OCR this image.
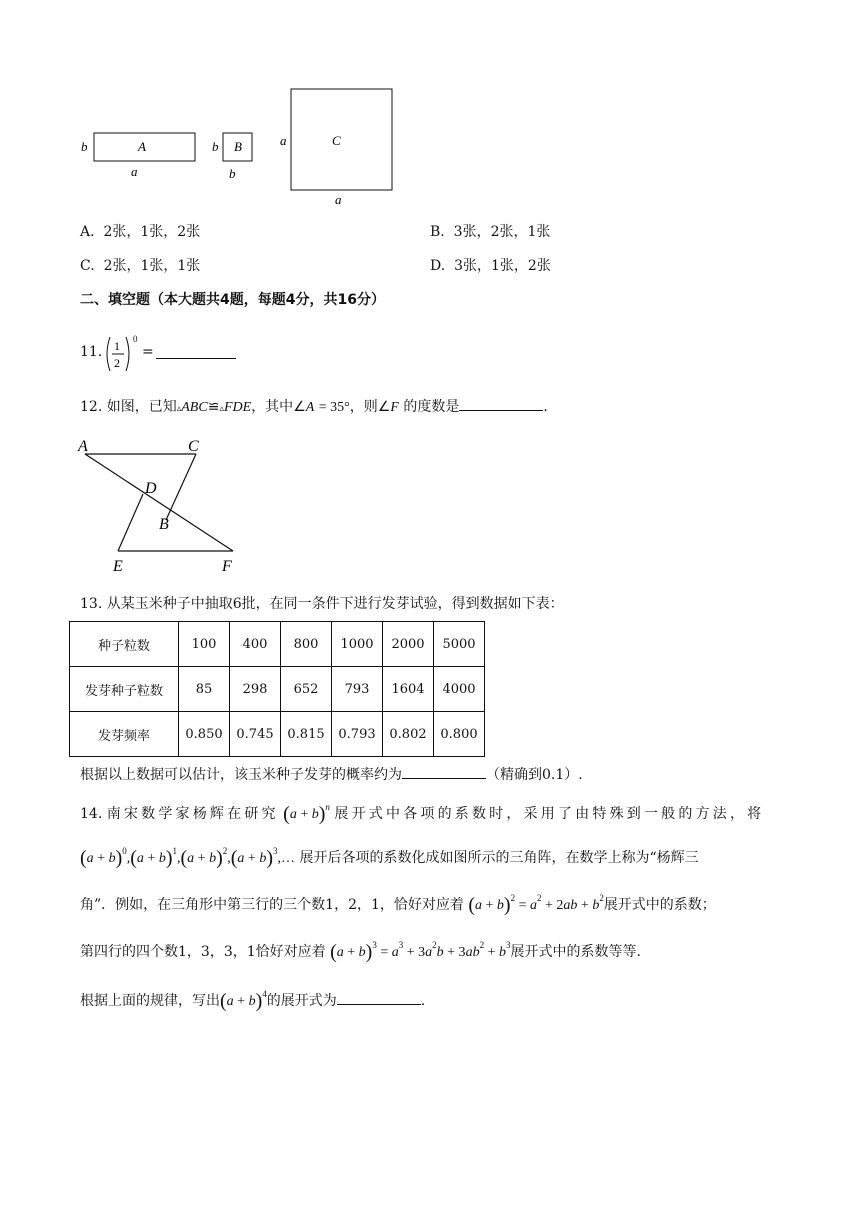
A
b
a
B
b
b
C
a
a
A. 2张，1张，2张	B. 3张，2张，1张
C. 2张，1张，1张	D. 3张，1张，2张
二、填空题（本大题共4题，每题4分，共16分）
11. 1
2
0
=
12. 如图，已知▵ABC≌▵FDE，其中∠A = 35°，则∠F 的度数是	.
A	C
D
B
E	F
13. 从某玉米种子中抽取6批，在同一条件下进行发芽试验，得到数据如下表：
种子粒数	100	400	800	1000	2000	5000
发芽种子粒数	85	298	652	793	1604	4000
发芽频率	0.850	0.745	0.815	0.793	0.802	0.800
根据以上数据可以估计，该玉米种子发芽的概率约为	（精确到0.1）.
14. 南宋数学家杨辉在研究 $(a + b)^n$ 展开式中各项的系数时，采用了由特殊到一般的方法，将
$(a + b)^0,(a + b)^1,(a + b)^2,(a$ + $b)^3,\dots$ 展开后各项的系数化成如图所示的三角阵，在数学上称为“杨辉三
角”．例如，在三角形中第三行的三个数1，2，1，恰好对应着 $(a + b)^2 = a^2 + 2ab + b^2$展开式中的系数；
第四行的四个数1，3，3，1恰好对应着 $(a + b)^3 = a^3 + 3a^2b + 3ab^2 + b^3$展开式中的系数等等.
根据上面的规律，写出$(a + b)^4$的展开式为	.
